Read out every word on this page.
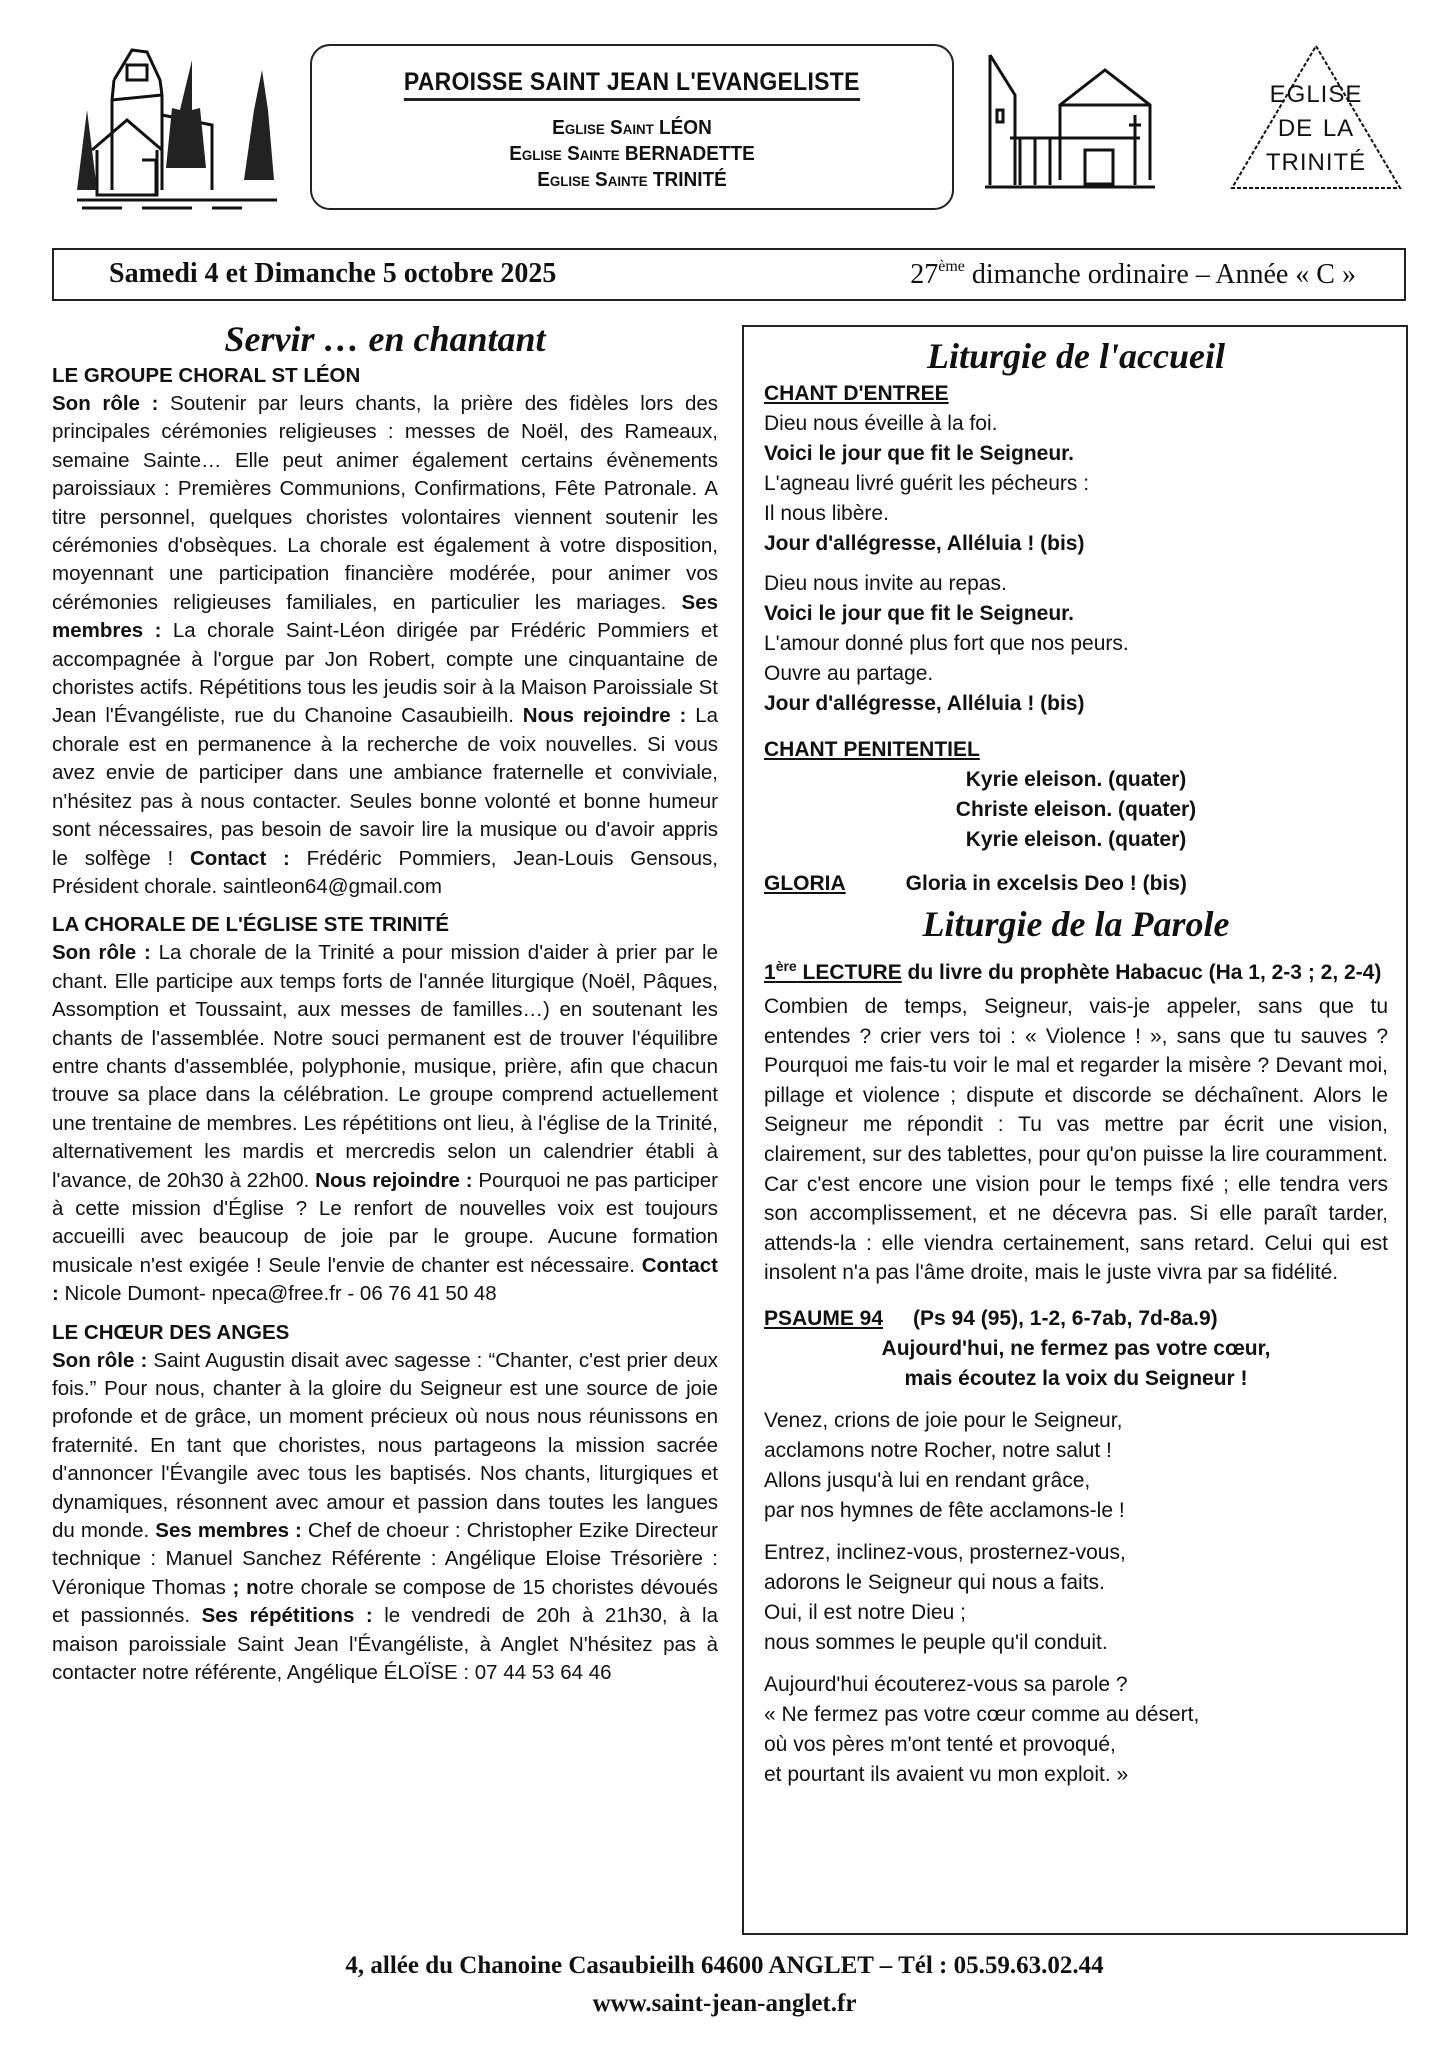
PAROISSE SAINT JEAN L'EVANGELISTE
Eglise Saint LÉON
Eglise Sainte BERNADETTE
Eglise Sainte TRINITÉ
EGLISE DE LA TRINITÉ
Samedi 4 et Dimanche 5 octobre 2025	27ème dimanche ordinaire – Année « C »
Servir … en chantant
LE GROUPE CHORAL ST LÉON
Son rôle : Soutenir par leurs chants, la prière des fidèles lors des principales cérémonies religieuses : messes de Noël, des Rameaux, semaine Sainte… Elle peut animer également certains évènements paroissiaux : Premières Communions, Confirmations, Fête Patronale. A titre personnel, quelques choristes volontaires viennent soutenir les cérémonies d'obsèques. La chorale est également à votre disposition, moyennant une participation financière modérée, pour animer vos cérémonies religieuses familiales, en particulier les mariages. Ses membres : La chorale Saint-Léon dirigée par Frédéric Pommiers et accompagnée à l'orgue par Jon Robert, compte une cinquantaine de choristes actifs. Répétitions tous les jeudis soir à la Maison Paroissiale St Jean l'Évangéliste, rue du Chanoine Casaubieilh. Nous rejoindre : La chorale est en permanence à la recherche de voix nouvelles. Si vous avez envie de participer dans une ambiance fraternelle et conviviale, n'hésitez pas à nous contacter. Seules bonne volonté et bonne humeur sont nécessaires, pas besoin de savoir lire la musique ou d'avoir appris le solfège ! Contact : Frédéric Pommiers, Jean-Louis Gensous, Président chorale. saintleon64@gmail.com
LA CHORALE DE L'ÉGLISE STE TRINITÉ
Son rôle : La chorale de la Trinité a pour mission d'aider à prier par le chant. Elle participe aux temps forts de l'année liturgique (Noël, Pâques, Assomption et Toussaint, aux messes de familles…) en soutenant les chants de l'assemblée. Notre souci permanent est de trouver l'équilibre entre chants d'assemblée, polyphonie, musique, prière, afin que chacun trouve sa place dans la célébration. Le groupe comprend actuellement une trentaine de membres. Les répétitions ont lieu, à l'église de la Trinité, alternativement les mardis et mercredis selon un calendrier établi à l'avance, de 20h30 à 22h00. Nous rejoindre : Pourquoi ne pas participer à cette mission d'Église ? Le renfort de nouvelles voix est toujours accueilli avec beaucoup de joie par le groupe. Aucune formation musicale n'est exigée ! Seule l'envie de chanter est nécessaire. Contact : Nicole Dumont- npeca@free.fr - 06 76 41 50 48
LE CHŒUR DES ANGES
Son rôle : Saint Augustin disait avec sagesse : “Chanter, c'est prier deux fois.” Pour nous, chanter à la gloire du Seigneur est une source de joie profonde et de grâce, un moment précieux où nous nous réunissons en fraternité. En tant que choristes, nous partageons la mission sacrée d'annoncer l'Évangile avec tous les baptisés. Nos chants, liturgiques et dynamiques, résonnent avec amour et passion dans toutes les langues du monde. Ses membres : Chef de choeur : Christopher Ezike Directeur technique : Manuel Sanchez Référente : Angélique Eloise Trésorière : Véronique Thomas ; notre chorale se compose de 15 choristes dévoués et passionnés. Ses répétitions : le vendredi de 20h à 21h30, à la maison paroissiale Saint Jean l'Évangéliste, à Anglet N'hésitez pas à contacter notre référente, Angélique ÉLOÏSE : 07 44 53 64 46
Liturgie de l'accueil
CHANT D'ENTREE
Dieu nous éveille à la foi.
Voici le jour que fit le Seigneur.
L'agneau livré guérit les pécheurs :
Il nous libère.
Jour d'allégresse, Alléluia ! (bis)
Dieu nous invite au repas.
Voici le jour que fit le Seigneur.
L'amour donné plus fort que nos peurs.
Ouvre au partage.
Jour d'allégresse, Alléluia ! (bis)
CHANT PENITENTIEL
Kyrie eleison. (quater)
Christe eleison. (quater)
Kyrie eleison. (quater)
GLORIA	Gloria in excelsis Deo ! (bis)
Liturgie de la Parole
1ère LECTURE du livre du prophète Habacuc (Ha 1, 2-3 ; 2, 2-4)
Combien de temps, Seigneur, vais-je appeler, sans que tu entendes ? crier vers toi : « Violence ! », sans que tu sauves ? Pourquoi me fais-tu voir le mal et regarder la misère ? Devant moi, pillage et violence ; dispute et discorde se déchaînent. Alors le Seigneur me répondit : Tu vas mettre par écrit une vision, clairement, sur des tablettes, pour qu'on puisse la lire couramment. Car c'est encore une vision pour le temps fixé ; elle tendra vers son accomplissement, et ne décevra pas. Si elle paraît tarder, attends-la : elle viendra certainement, sans retard. Celui qui est insolent n'a pas l'âme droite, mais le juste vivra par sa fidélité.
PSAUME 94 (Ps 94 (95), 1-2, 6-7ab, 7d-8a.9)
Aujourd'hui, ne fermez pas votre cœur,
mais écoutez la voix du Seigneur !
Venez, crions de joie pour le Seigneur,
acclamons notre Rocher, notre salut !
Allons jusqu'à lui en rendant grâce,
par nos hymnes de fête acclamons-le !
Entrez, inclinez-vous, prosternez-vous,
adorons le Seigneur qui nous a faits.
Oui, il est notre Dieu ;
nous sommes le peuple qu'il conduit.
Aujourd'hui écouterez-vous sa parole ?
« Ne fermez pas votre cœur comme au désert,
où vos pères m'ont tenté et provoqué,
et pourtant ils avaient vu mon exploit. »
4, allée du Chanoine Casaubieilh 64600 ANGLET – Tél : 05.59.63.02.44
www.saint-jean-anglet.fr
